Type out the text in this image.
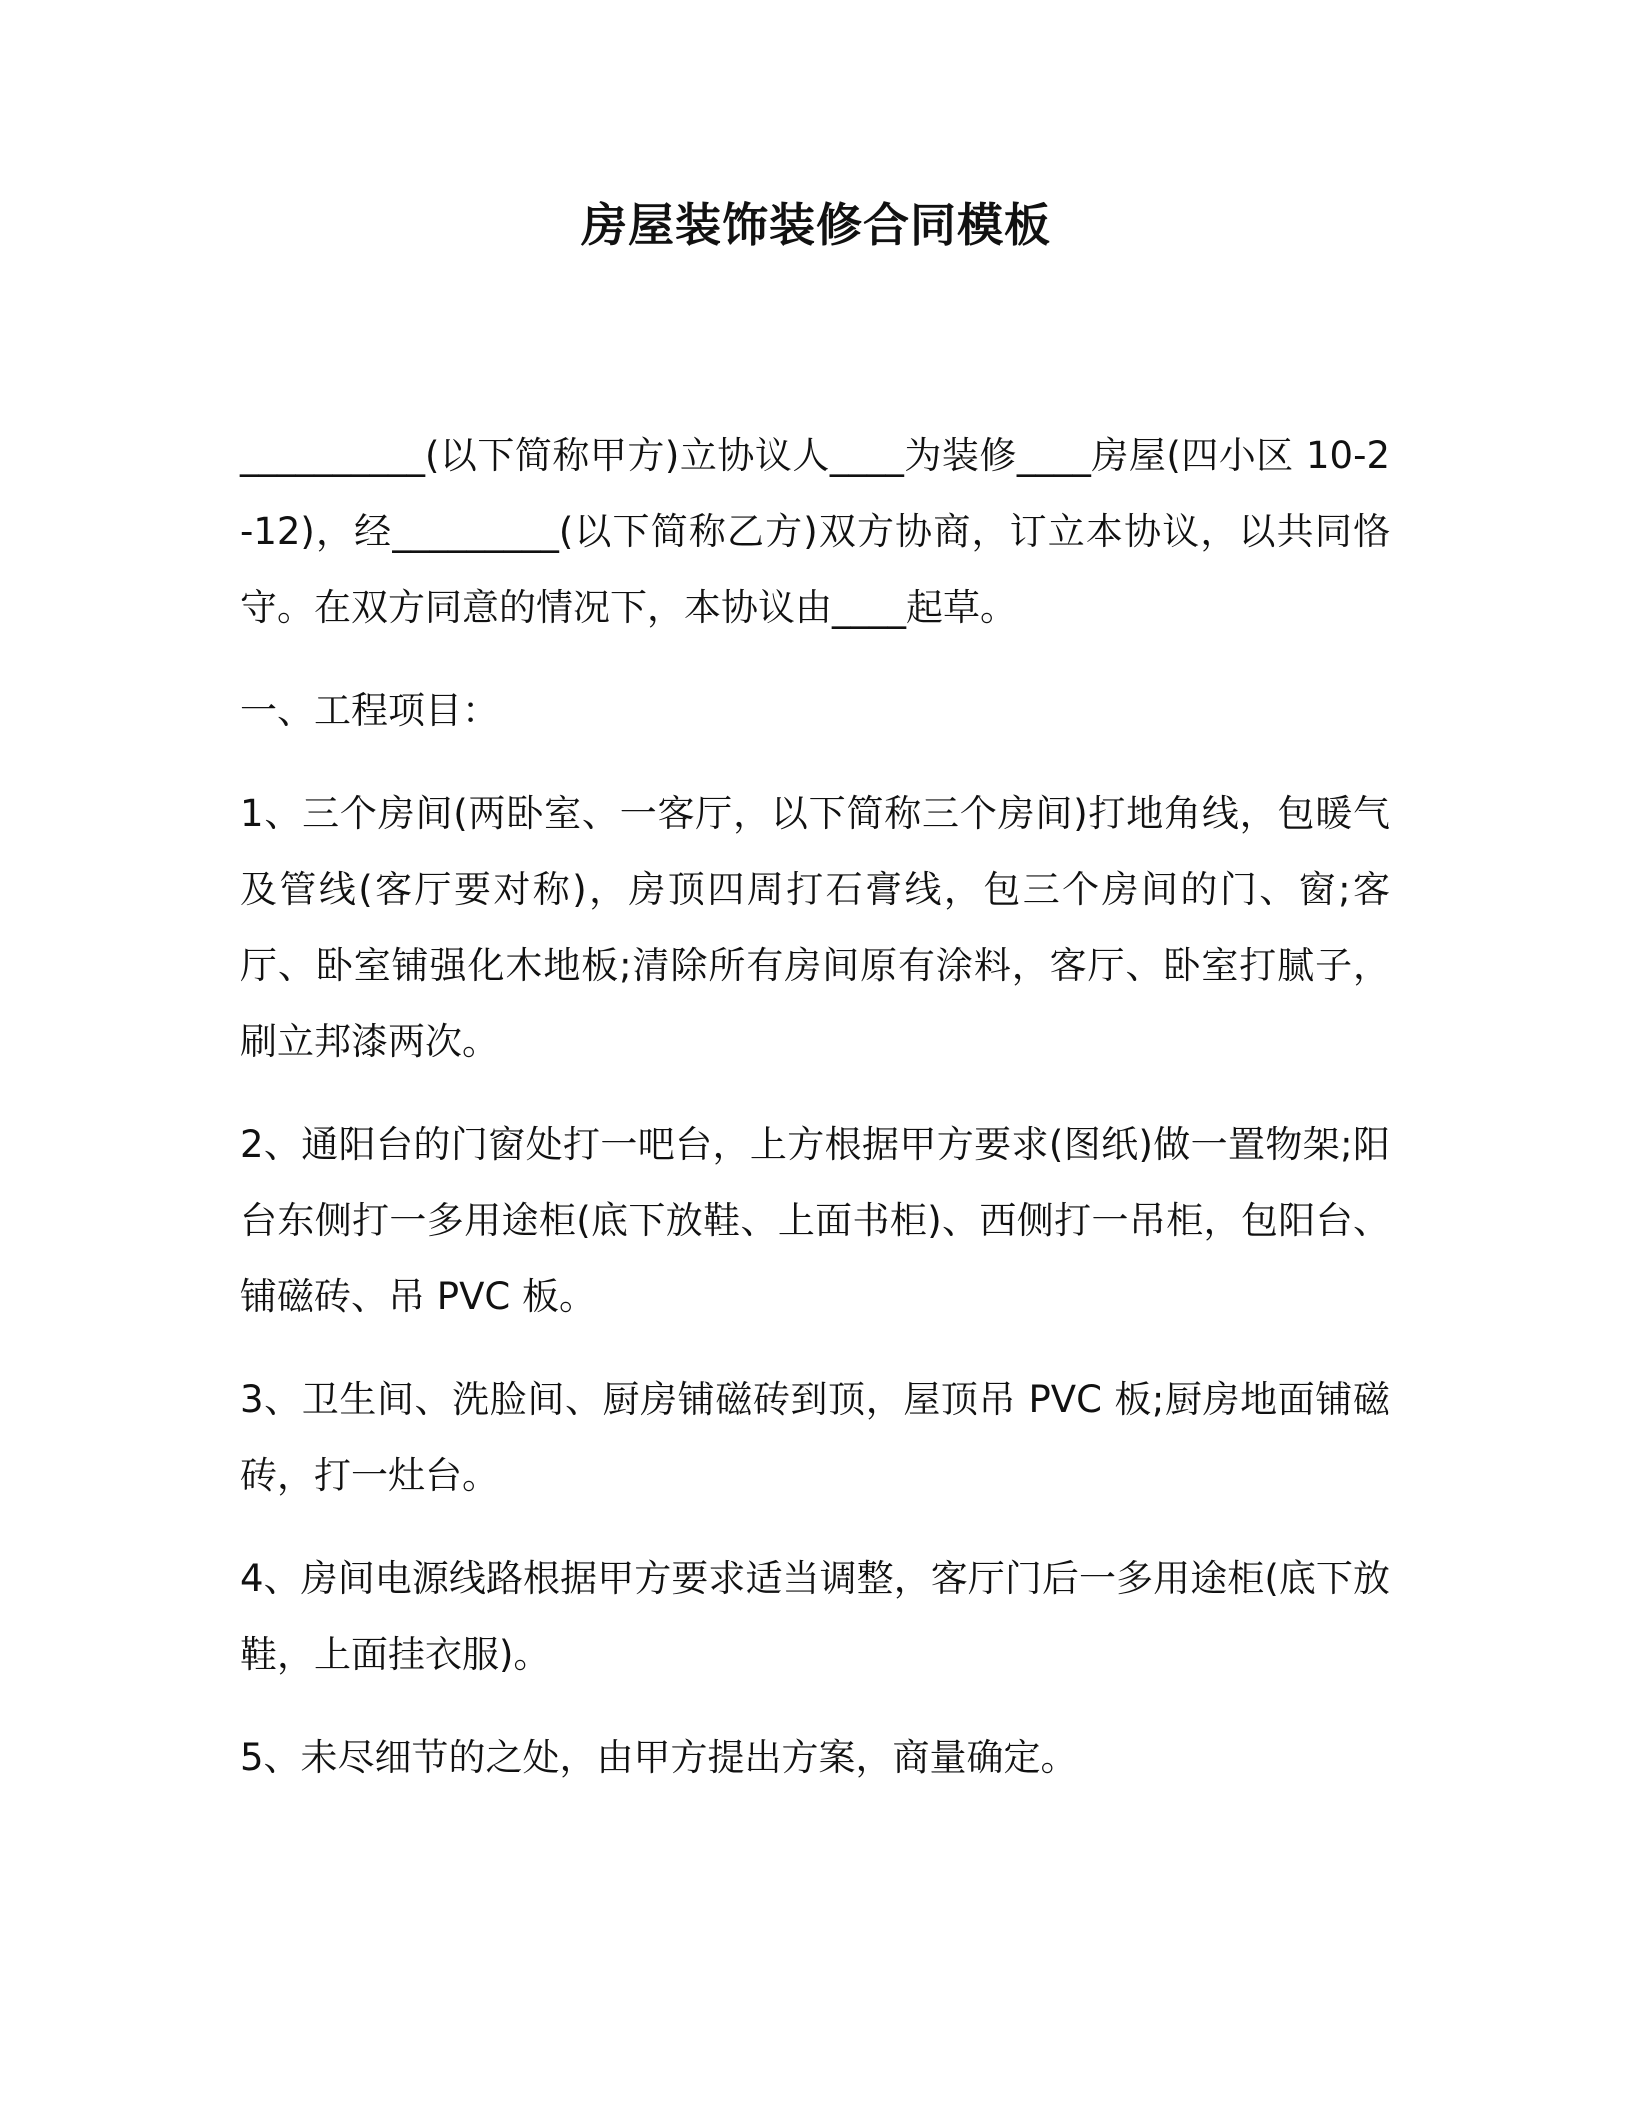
房屋装饰装修合同模板

__________(以下简称甲方)立协议人____为装修____房屋(四小区 10-2-12)，经_________(以下简称乙方)双方协商，订立本协议，以共同恪守。在双方同意的情况下，本协议由____起草。

一、工程项目：

1、三个房间(两卧室、一客厅，以下简称三个房间)打地角线，包暖气及管线(客厅要对称)，房顶四周打石膏线，包三个房间的门、窗;客厅、卧室铺强化木地板;清除所有房间原有涂料，客厅、卧室打腻子，刷立邦漆两次。

2、通阳台的门窗处打一吧台，上方根据甲方要求(图纸)做一置物架;阳台东侧打一多用途柜(底下放鞋、上面书柜)、西侧打一吊柜，包阳台、铺磁砖、吊 PVC 板。

3、卫生间、洗脸间、厨房铺磁砖到顶，屋顶吊 PVC 板;厨房地面铺磁砖，打一灶台。

4、房间电源线路根据甲方要求适当调整，客厅门后一多用途柜(底下放鞋，上面挂衣服)。

5、未尽细节的之处，由甲方提出方案，商量确定。
